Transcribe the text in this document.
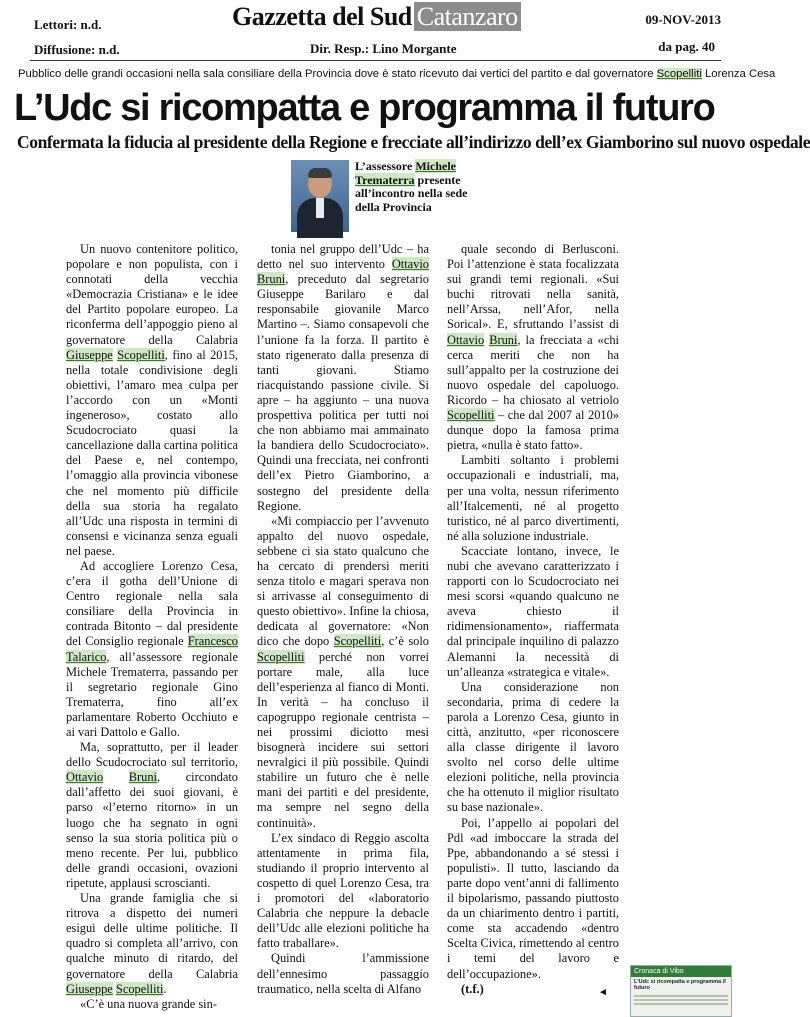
Lettori: n.d.
Diffusione: n.d.
Gazzetta del Sud Catanzaro	09-NOV-2013
Dir. Resp.: Lino Morgante	da pag. 40
Pubblico delle grandi occasioni nella sala consiliare della Provincia dove è stato ricevuto dai vertici del partito e dal governatore Scopelliti Lorenza Cesa
L’Udc si ricompatta e programma il futuro
Confermata la fiducia al presidente della Regione e frecciate all’indirizzo dell’ex Giamborino sul nuovo ospedale
L’assessore Michele Trematerra presente all’incontro nella sede della Provincia

Un nuovo contenitore politico, popolare e non populista, con i connotati della vecchia «Democrazia Cristiana» e le idee del Partito popolare europeo. La riconferma dell’appoggio pieno al governatore della Calabria Giuseppe Scopelliti, fino al 2015, nella totale condivisione degli obiettivi, l’amaro mea culpa per l’accordo con un «Monti ingeneroso», costato allo Scudocrociato quasi la cancellazione dalla cartina politica del Paese e, nel contempo, l’omaggio alla provincia vibonese che nel momento più difficile della sua storia ha regalato all’Udc una risposta in termini di consensi e vicinanza senza eguali nel paese.

Ad accogliere Lorenzo Cesa, c’era il gotha dell’Unione di Centro regionale nella sala consiliare della Provincia in contrada Bitonto – dal presidente del Consiglio regionale Francesco Talarico, all’assessore regionale Michele Trematerra, passando per il segretario regionale Gino Trematerra, fino all’ex parlamentare Roberto Occhiuto e ai vari Dattolo e Gallo.

Ma, soprattutto, per il leader dello Scudocrociato sul territorio, Ottavio Bruni, circondato dall’affetto dei suoi giovani, è parso «l’eterno ritorno» in un luogo che ha segnato in ogni senso la sua storia politica più o meno recente. Per lui, pubblico delle grandi occasioni, ovazioni ripetute, applausi scroscianti.

Una grande famiglia che si ritrova a dispetto dei numeri esigui delle ultime politiche. Il quadro si completa all’arrivo, con qualche minuto di ritardo, del governatore della Calabria Giuseppe Scopelliti.

«C’è una nuova grande sin-

tonia nel gruppo dell’Udc – ha detto nel suo intervento Ottavio Bruni, preceduto dal segretario Giuseppe Barilaro e dal responsabile giovanile Marco Martino –. Siamo consapevoli che l’unione fa la forza. Il partito è stato rigenerato dalla presenza di tanti giovani. Stiamo riacquistando passione civile. Si apre – ha aggiunto – una nuova prospettiva politica per tutti noi che non abbiamo mai ammainato la bandiera dello Scudocrociato». Quindi una frecciata, nei confronti dell’ex Pietro Giamborino, a sostegno del presidente della Regione.

«Mi compiaccio per l’avvenuto appalto del nuovo ospedale, sebbene ci sia stato qualcuno che ha cercato di prendersi meriti senza titolo e magari sperava non si arrivasse al conseguimento di questo obiettivo». Infine la chiosa, dedicata al governatore: «Non dico che dopo Scopelliti, c’è solo Scopelliti perché non vorrei portare male, alla luce dell’esperienza al fianco di Monti. In verità – ha concluso il capogruppo regionale centrista – nei prossimi diciotto mesi bisognerà incidere sui settori nevralgici il più possibile. Quindi stabilire un futuro che è nelle mani dei partiti e del presidente, ma sempre nel segno della continuità».

L’ex sindaco di Reggio ascolta attentamente in prima fila, studiando il proprio intervento al cospetto di quel Lorenzo Cesa, tra i promotori del «laboratorio Calabria che neppure la debacle dell’Udc alle elezioni politiche ha fatto traballare».

Quindi l’ammissione dell’ennesimo passaggio traumatico, nella scelta di Alfano

quale secondo di Berlusconi. Poi l’attenzione è stata focalizzata sui grandi temi regionali. «Sui buchi ritrovati nella sanità, nell’Arssa, nell’Afor, nella Sorical». E, sfruttando l’assist di Ottavio Bruni, la frecciata a «chi cerca meriti che non ha sull’appalto per la costruzione dei nuovo ospedale del capoluogo. Ricordo – ha chiosato al vetriolo Scopelliti – che dal 2007 al 2010» dunque dopo la famosa prima pietra, «nulla è stato fatto».

Lambiti soltanto i problemi occupazionali e industriali, ma, per una volta, nessun riferimento all’Italcementi, né al progetto turistico, né al parco divertimenti, né alla soluzione industriale.

Scacciate lontano, invece, le nubi che avevano caratterizzato i rapporti con lo Scudocrociato nei mesi scorsi «quando qualcuno ne aveva chiesto il ridimensionamento», riaffermata dal principale inquilino di palazzo Alemanni la necessità di un’alleanza «strategica e vitale».

Una considerazione non secondaria, prima di cedere la parola a Lorenzo Cesa, giunto in città, anzitutto, «per riconoscere alla classe dirigente il lavoro svolto nel corso delle ultime elezioni politiche, nella provincia che ha ottenuto il miglior risultato su base nazionale».

Poi, l’appello ai popolari del Pdl «ad imboccare la strada del Ppe, abbandonando a sé stessi i populisti». Il tutto, lasciando da parte dopo vent’anni di fallimento il bipolarismo, passando piuttosto da un chiarimento dentro i partiti, come sta accadendo «dentro Scelta Civica, rimettendo al centro i temi del lavoro e dell’occupazione».

(t.f.)	◄
Cronaca di Vibo
L'Udc si ricompatta e programma il futuro
